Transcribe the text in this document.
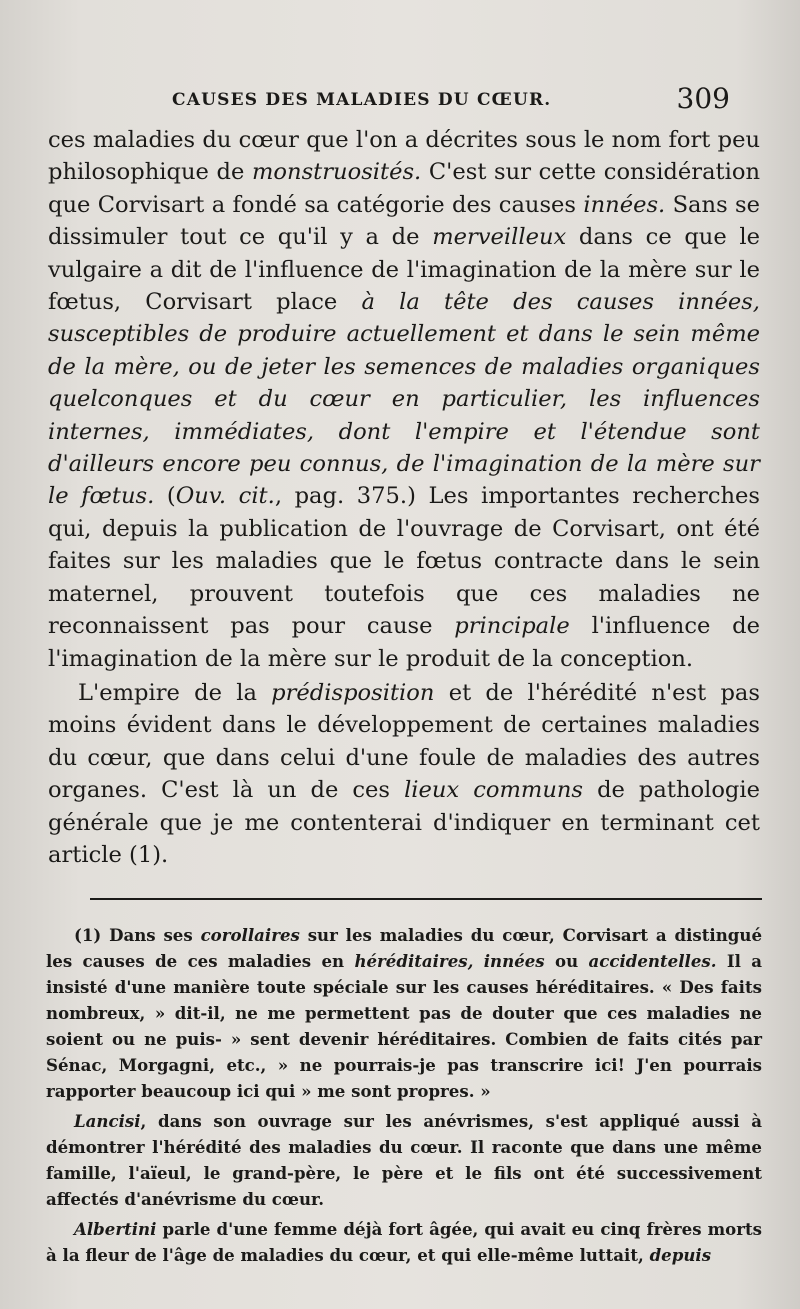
CAUSES DES MALADIES DU CŒUR.	309

ces maladies du cœur que l'on a décrites sous le nom fort peu philosophique de monstruosités. C'est sur cette considération que Corvisart a fondé sa catégorie des causes innées. Sans se dissimuler tout ce qu'il y a de merveilleux dans ce que le vulgaire a dit de l'influence de l'imagination de la mère sur le fœtus, Corvisart place à la tête des causes innées, susceptibles de produire actuellement et dans le sein même de la mère, ou de jeter les semences de maladies organiques quelconques et du cœur en particulier, les influences internes, immédiates, dont l'empire et l'étendue sont d'ailleurs encore peu connus, de l'imagination de la mère sur le fœtus. (Ouv. cit., pag. 375.) Les importantes recherches qui, depuis la publication de l'ouvrage de Corvisart, ont été faites sur les maladies que le fœtus contracte dans le sein maternel, prouvent toutefois que ces maladies ne reconnaissent pas pour cause principale l'influence de l'imagination de la mère sur le produit de la conception.

L'empire de la prédisposition et de l'hérédité n'est pas moins évident dans le développement de certaines maladies du cœur, que dans celui d'une foule de maladies des autres organes. C'est là un de ces lieux communs de pathologie générale que je me contenterai d'indiquer en terminant cet article (1).

(1) Dans ses corollaires sur les maladies du cœur, Corvisart a distingué les causes de ces maladies en héréditaires, innées ou accidentelles. Il a insisté d'une manière toute spéciale sur les causes héréditaires. « Des faits nombreux, » dit-il, ne me permettent pas de douter que ces maladies ne soient ou ne puis- » sent devenir héréditaires. Combien de faits cités par Sénac, Morgagni, etc., » ne pourrais-je pas transcrire ici! J'en pourrais rapporter beaucoup ici qui » me sont propres. »

Lancisi, dans son ouvrage sur les anévrismes, s'est appliqué aussi à démontrer l'hérédité des maladies du cœur. Il raconte que dans une même famille, l'aïeul, le grand-père, le père et le fils ont été successivement affectés d'anévrisme du cœur.

Albertini parle d'une femme déjà fort âgée, qui avait eu cinq frères morts à la fleur de l'âge de maladies du cœur, et qui elle-même luttait, depuis
